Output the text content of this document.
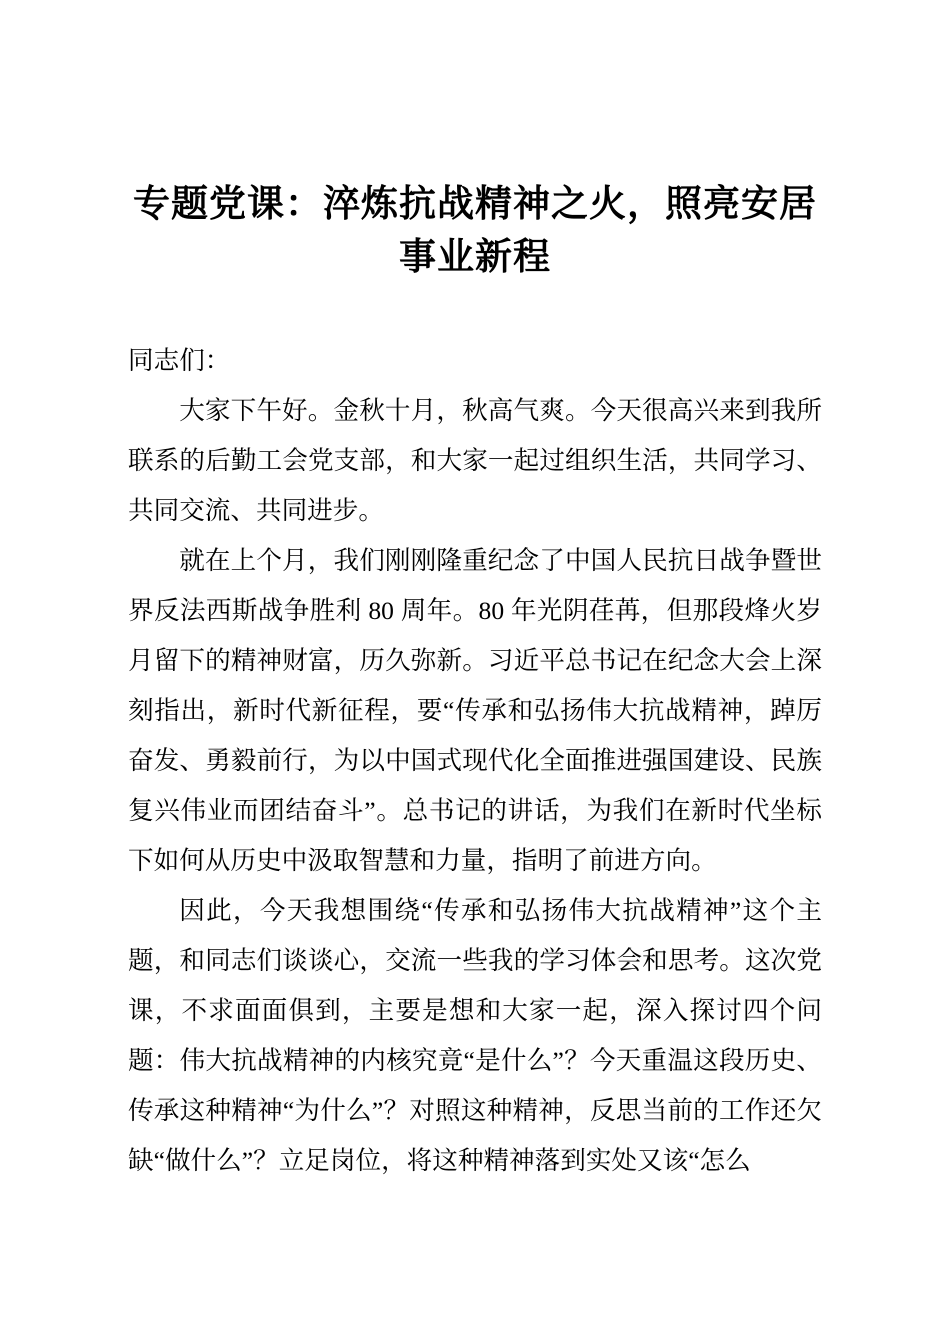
专题党课：淬炼抗战精神之火，照亮安居事业新程

同志们：

大家下午好。金秋十月，秋高气爽。今天很高兴来到我所联系的后勤工会党支部，和大家一起过组织生活，共同学习、共同交流、共同进步。

就在上个月，我们刚刚隆重纪念了中国人民抗日战争暨世界反法西斯战争胜利 80 周年。80 年光阴荏苒，但那段烽火岁月留下的精神财富，历久弥新。习近平总书记在纪念大会上深刻指出，新时代新征程，要“传承和弘扬伟大抗战精神，踔厉奋发、勇毅前行，为以中国式现代化全面推进强国建设、民族复兴伟业而团结奋斗”。总书记的讲话，为我们在新时代坐标下如何从历史中汲取智慧和力量，指明了前进方向。

因此，今天我想围绕“传承和弘扬伟大抗战精神”这个主题，和同志们谈谈心，交流一些我的学习体会和思考。这次党课，不求面面俱到，主要是想和大家一起，深入探讨四个问题：伟大抗战精神的内核究竟“是什么”？今天重温这段历史、传承这种精神“为什么”？对照这种精神，反思当前的工作还欠缺“做什么”？立足岗位，将这种精神落到实处又该“怎么
